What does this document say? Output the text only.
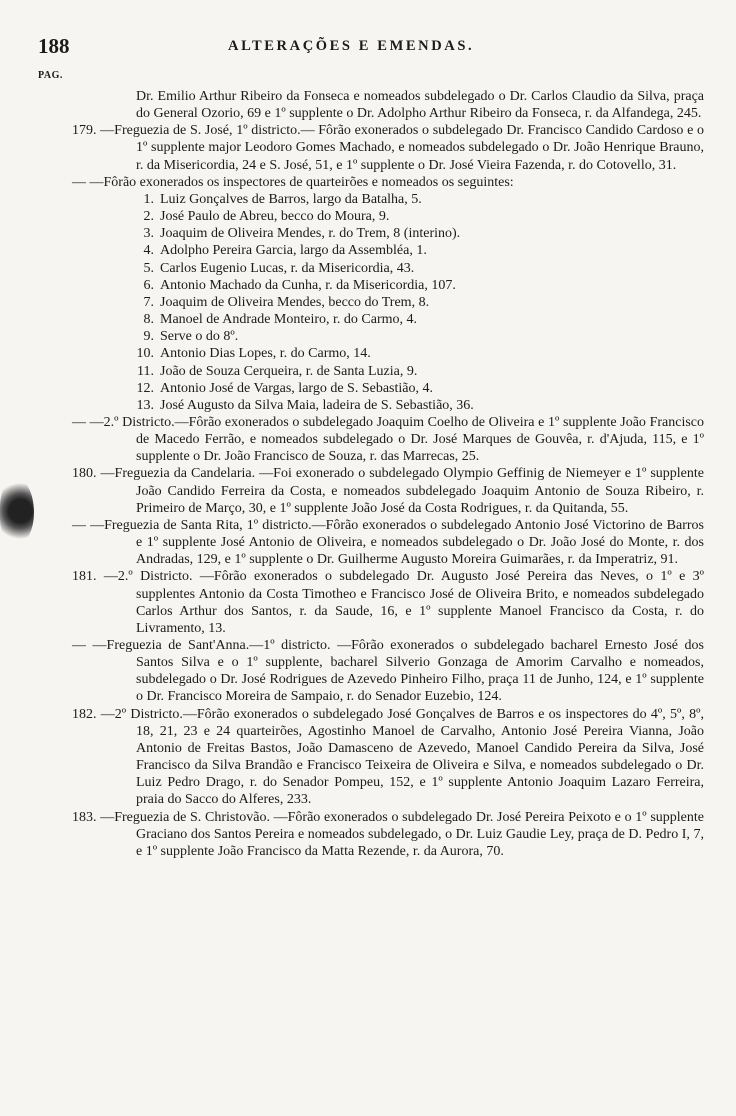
188	ALTERAÇÕES E EMENDAS.
PAG.
Dr. Emilio Arthur Ribeiro da Fonseca e nomeados subdelegado o Dr. Carlos Claudio da Silva, praça do General Ozorio, 69 e 1º supplente o Dr. Adolpho Arthur Ribeiro da Fonseca, r. da Alfandega, 245.
179. —Freguezia de S. José, 1º districto.— Fôrão exonerados o subdelegado Dr. Francisco Candido Cardoso e o 1º supplente major Leodoro Gomes Machado, e nomeados subdelegado o Dr. João Henrique Brauno, r. da Misericordia, 24 e S. José, 51, e 1º supplente o Dr. José Vieira Fazenda, r. do Cotovello, 31.
— —Fôrão exonerados os inspectores de quarteirões e nomeados os seguintes:
1. Luiz Gonçalves de Barros, largo da Batalha, 5.
2. José Paulo de Abreu, becco do Moura, 9.
3. Joaquim de Oliveira Mendes, r. do Trem, 8 (interino).
4. Adolpho Pereira Garcia, largo da Assembléa, 1.
5. Carlos Eugenio Lucas, r. da Misericordia, 43.
6. Antonio Machado da Cunha, r. da Misericordia, 107.
7. Joaquim de Oliveira Mendes, becco do Trem, 8.
8. Manoel de Andrade Monteiro, r. do Carmo, 4.
9. Serve o do 8º.
10. Antonio Dias Lopes, r. do Carmo, 14.
11. João de Souza Cerqueira, r. de Santa Luzia, 9.
12. Antonio José de Vargas, largo de S. Sebastião, 4.
13. José Augusto da Silva Maia, ladeira de S. Sebastião, 36.
— —2.º Districto.—Fôrão exonerados o subdelegado Joaquim Coelho de Oliveira e 1º supplente João Francisco de Macedo Ferrão, e nomeados subdelegado o Dr. José Marques de Gouvêa, r. d'Ajuda, 115, e 1º supplente o Dr. João Francisco de Souza, r. das Marrecas, 25.
180. —Freguezia da Candelaria. —Foi exonerado o subdelegado Olympio Geffinig de Niemeyer e 1º supplente João Candido Ferreira da Costa, e nomeados subdelegado Joaquim Antonio de Souza Ribeiro, r. Primeiro de Março, 30, e 1º supplente João José da Costa Rodrigues, r. da Quitanda, 55.
— —Freguezia de Santa Rita, 1º districto.—Fôrão exonerados o subdelegado Antonio José Victorino de Barros e 1º supplente José Antonio de Oliveira, e nomeados subdelegado o Dr. João José do Monte, r. dos Andradas, 129, e 1º supplente o Dr. Guilherme Augusto Moreira Guimarães, r. da Imperatriz, 91.
181. —2.º Districto. —Fôrão exonerados o subdelegado Dr. Augusto José Pereira das Neves, o 1º e 3º supplentes Antonio da Costa Timotheo e Francisco José de Oliveira Brito, e nomeados subdelegado Carlos Arthur dos Santos, r. da Saude, 16, e 1º supplente Manoel Francisco da Costa, r. do Livramento, 13.
— —Freguezia de Sant'Anna.—1º districto. —Fôrão exonerados o subdelegado bacharel Ernesto José dos Santos Silva e o 1º supplente, bacharel Silverio Gonzaga de Amorim Carvalho e nomeados, subdelegado o Dr. José Rodrigues de Azevedo Pinheiro Filho, praça 11 de Junho, 124, e 1º supplente o Dr. Francisco Moreira de Sampaio, r. do Senador Euzebio, 124.
182. —2º Districto.—Fôrão exonerados o subdelegado José Gonçalves de Barros e os inspectores do 4º, 5º, 8º, 18, 21, 23 e 24 quarteirões, Agostinho Manoel de Carvalho, Antonio José Pereira Vianna, João Antonio de Freitas Bastos, João Damasceno de Azevedo, Manoel Candido Pereira da Silva, José Francisco da Silva Brandão e Francisco Teixeira de Oliveira e Silva, e nomeados subdelegado o Dr. Luiz Pedro Drago, r. do Senador Pompeu, 152, e 1º supplente Antonio Joaquim Lazaro Ferreira, praia do Sacco do Alferes, 233.
183. —Freguezia de S. Christovão. —Fôrão exonerados o subdelegado Dr. José Pereira Peixoto e o 1º supplente Graciano dos Santos Pereira e nomeados subdelegado, o Dr. Luiz Gaudie Ley, praça de D. Pedro I, 7, e 1º supplente João Francisco da Matta Rezende, r. da Aurora, 70.
